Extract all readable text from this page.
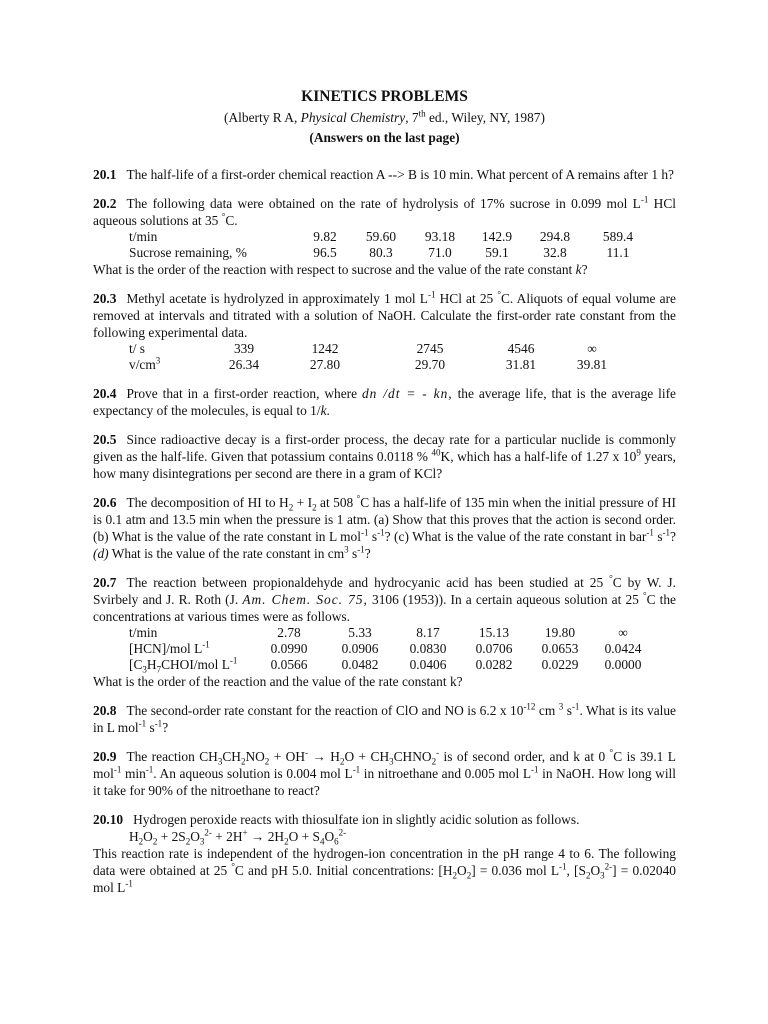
KINETICS PROBLEMS
(Alberty R A, Physical Chemistry, 7th ed., Wiley, NY, 1987)
(Answers on the last page)
20.1 The half-life of a first-order chemical reaction A --> B is 10 min. What percent of A remains after 1 h?
20.2 The following data were obtained on the rate of hydrolysis of 17% sucrose in 0.099 mol $L^{-1}$ HCl aqueous solutions at 35 °C.
t/min	9.82	59.60	93.18	142.9	294.8	589.4
Sucrose remaining, %	96.5	80.3	71.0	59.1	32.8	11.1
What is the order of the reaction with respect to sucrose and the value of the rate constant k?
20.3 Methyl acetate is hydrolyzed in approximately 1 mol $L^{-1}$ HCl at 25 °C. Aliquots of equal volume are removed at intervals and titrated with a solution of NaOH. Calculate the first-order rate constant from the following experimental data.
t/ s	339	1242	2745	4546	∞
$v/cm^3$	26.34	27.80	29.70	31.81	39.81
20.4 Prove that in a first-order reaction, where dn /dt = - kn, the average life, that is the average life expectancy of the molecules, is equal to 1/k.
20.5 Since radioactive decay is a first-order process, the decay rate for a particular nuclide is commonly given as the half-life. Given that potassium contains 0.0118 % $^{40}$K, which has a half-life of 1.27 x $10^9$ years, how many disintegrations per second are there in a gram of KCl?
20.6 The decomposition of HI to $H_2 + I_2$ at 508 °C has a half-life of 135 min when the initial pressure of HI is 0.1 atm and 13.5 min when the pressure is 1 atm. (a) Show that this proves that the action is second order. (b) What is the value of the rate constant in L mol$^{-1}$ $s^{-1}$? (c) What is the value of the rate constant in bar$^{-1}$ $s^{-1}$? (d) What is the value of the rate constant in $cm^3$ $s^{-1}$?
20.7 The reaction between propionaldehyde and hydrocyanic acid has been studied at 25 °C by W. J. Svirbely and J. R. Roth (J. Am. Chem. Soc. 75, 3106 (1953)). In a certain aqueous solution at 25 °C the concentrations at various times were as follows.
t/min	2.78	5.33	8.17	15.13	19.80	∞
[HCN]/mol $L^{-1}$	0.0990	0.0906	0.0830	0.0706	0.0653	0.0424
[$C_3H_7CHOI$/mol $L^{-1}$	0.0566	0.0482	0.0406	0.0282	0.0229	0.0000
What is the order of the reaction and the value of the rate constant k?
20.8 The second-order rate constant for the reaction of ClO and NO is 6.2 x $10^{-12}$ cm $^3$ $s^{-1}$. What is its value in L mol$^{-1}$ $s^{-1}$?
20.9 The reaction $CH_3CH_2NO_2 + OH^- \to H_2O$ + $CH_3CHNO_2^-$ is of second order, and k at 0 °C is 39.1 L mol$^{-1}$ $\min^{-1}$. An aqueous solution is 0.004 mol $L^{-1}$ in nitroethane and 0.005 mol $L^{-1}$ in NaOH. How long will it take for 90% of the nitroethane to react?
20.10 Hydrogen peroxide reacts with thiosulfate ion in slightly acidic solution as follows.
$H_2O_2 + 2S_2O_3^{2-} + 2H^+ \to 2H_2O + S_4O_6^{2-}$
This reaction rate is independent of the hydrogen-ion concentration in the pH range 4 to 6. The following data were obtained at 25 °C and pH 5.0. Initial concentrations: $[H_2O_2] = 0.036$ mol $L^{-1}$, $[S_2O_3^{2-}] = 0.02040$ mol $L^{-1}$
